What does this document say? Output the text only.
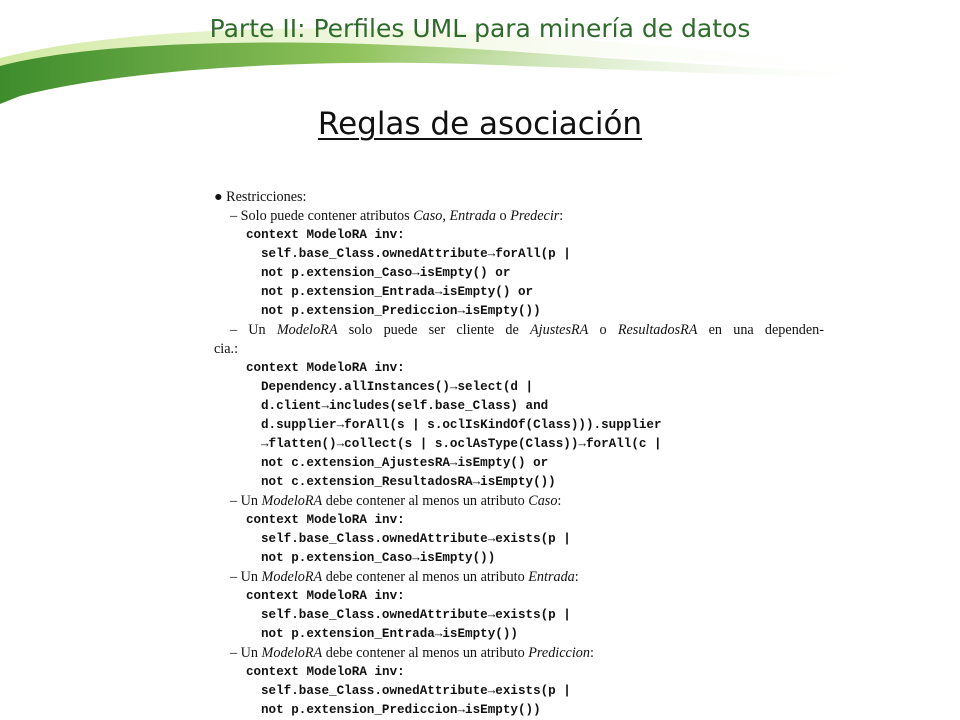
Parte II: Perfiles UML para minería de datos
Reglas de asociación
● Restricciones:
– Solo puede contener atributos Caso, Entrada o Predecir:
context ModeloRA inv:
self.base_Class.ownedAttribute→forAll(p |
not p.extension_Caso→isEmpty() or
not p.extension_Entrada→isEmpty() or
not p.extension_Prediccion→isEmpty())
– Un ModeloRA solo puede ser cliente de AjustesRA o ResultadosRA en una dependen-
cia.:
context ModeloRA inv:
Dependency.allInstances()→select(d |
d.client→includes(self.base_Class) and
d.supplier→forAll(s | s.oclIsKindOf(Class))).supplier
→flatten()→collect(s | s.oclAsType(Class))→forAll(c |
not c.extension_AjustesRA→isEmpty() or
not c.extension_ResultadosRA→isEmpty())
– Un ModeloRA debe contener al menos un atributo Caso:
context ModeloRA inv:
self.base_Class.ownedAttribute→exists(p |
not p.extension_Caso→isEmpty())
– Un ModeloRA debe contener al menos un atributo Entrada:
context ModeloRA inv:
self.base_Class.ownedAttribute→exists(p |
not p.extension_Entrada→isEmpty())
– Un ModeloRA debe contener al menos un atributo Prediccion:
context ModeloRA inv:
self.base_Class.ownedAttribute→exists(p |
not p.extension_Prediccion→isEmpty())
